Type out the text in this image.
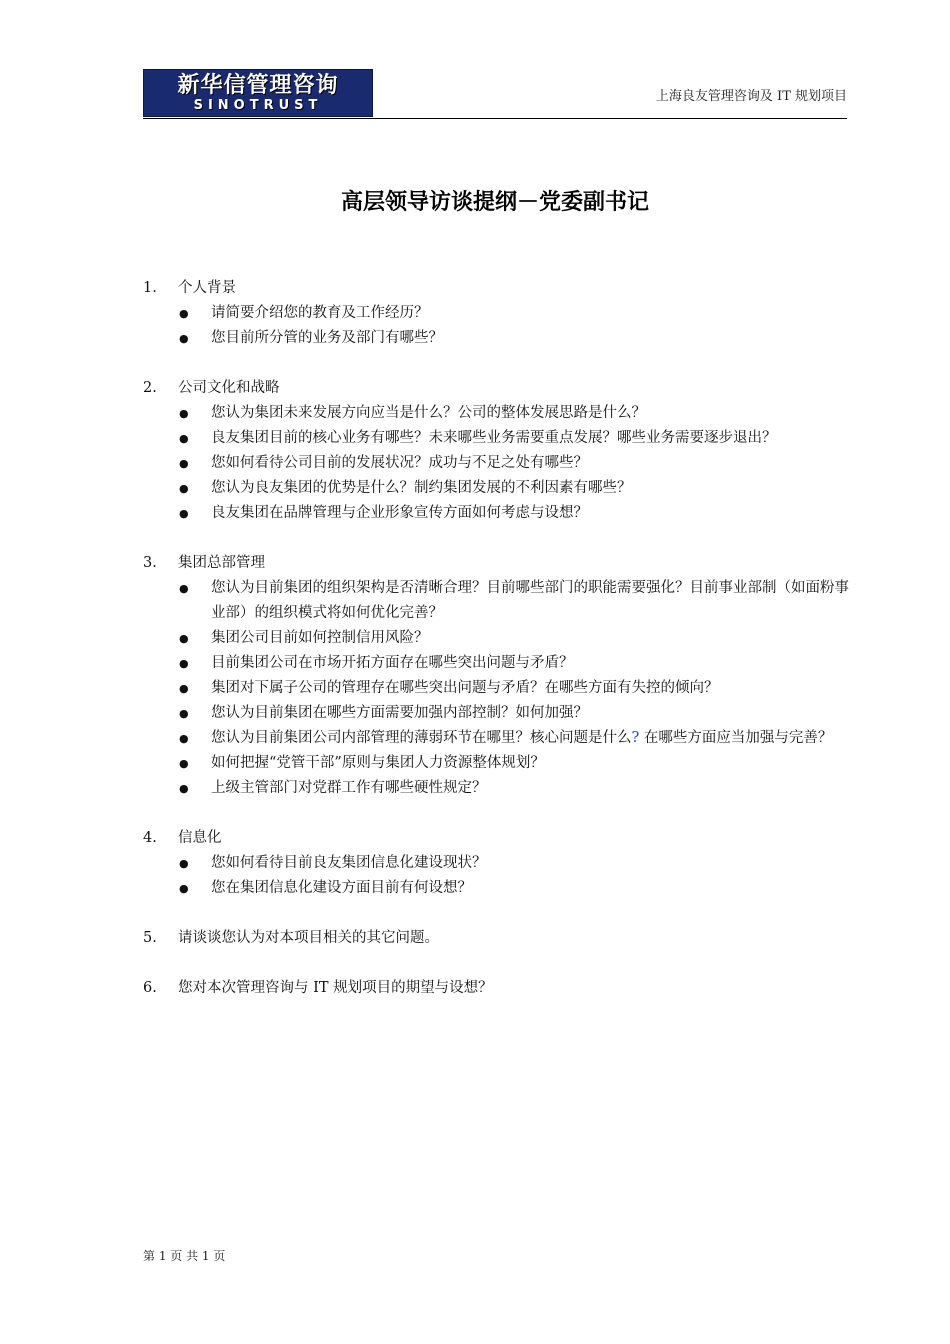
新华信管理咨询
SINOTRUST
上海良友管理咨询及 IT 规划项目
高层领导访谈提纲－党委副书记
1. 个人背景
● 请简要介绍您的教育及工作经历？
● 您目前所分管的业务及部门有哪些？
2. 公司文化和战略
● 您认为集团未来发展方向应当是什么？公司的整体发展思路是什么？
● 良友集团目前的核心业务有哪些？未来哪些业务需要重点发展？哪些业务需要逐步退出？
● 您如何看待公司目前的发展状况？成功与不足之处有哪些？
● 您认为良友集团的优势是什么？制约集团发展的不利因素有哪些？
● 良友集团在品牌管理与企业形象宣传方面如何考虑与设想？
3. 集团总部管理
● 您认为目前集团的组织架构是否清晰合理？目前哪些部门的职能需要强化？目前事业部制（如面粉事业部）的组织模式将如何优化完善？
● 集团公司目前如何控制信用风险？
● 目前集团公司在市场开拓方面存在哪些突出问题与矛盾？
● 集团对下属子公司的管理存在哪些突出问题与矛盾？在哪些方面有失控的倾向？
● 您认为目前集团在哪些方面需要加强内部控制？如何加强？
● 您认为目前集团公司内部管理的薄弱环节在哪里？核心问题是什么? 在哪些方面应当加强与完善？
● 如何把握“党管干部”原则与集团人力资源整体规划？
● 上级主管部门对党群工作有哪些硬性规定？
4. 信息化
● 您如何看待目前良友集团信息化建设现状？
● 您在集团信息化建设方面目前有何设想？
5. 请谈谈您认为对本项目相关的其它问题。
6. 您对本次管理咨询与 IT 规划项目的期望与设想？
第 1 页 共 1 页
